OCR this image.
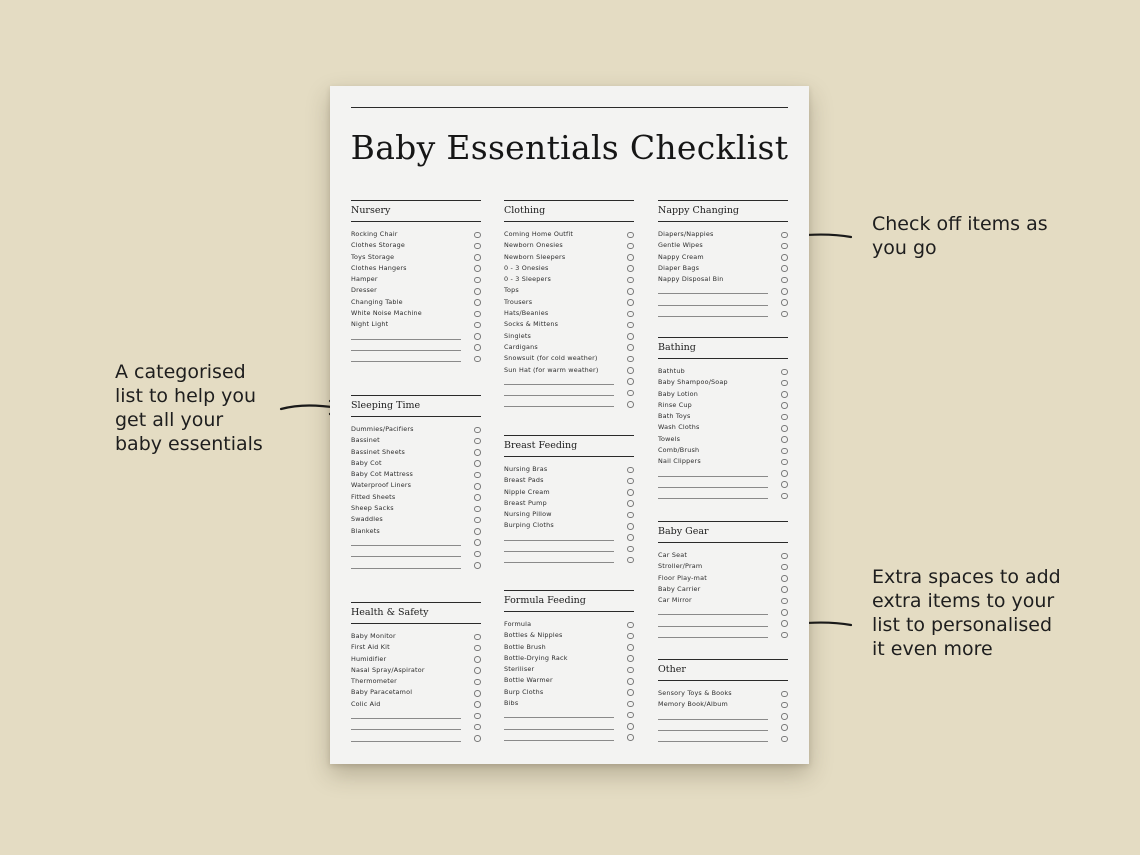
A categorised list to help you get all your baby essentials

Check off items as you go

Extra spaces to add extra items to your list to personalised it even more

Baby Essentials Checklist
Nursery
Rocking Chair
Clothes Storage
Toys Storage
Clothes Hangers
Hamper
Dresser
Changing Table
White Noise Machine
Night Light
Sleeping Time
Dummies/Pacifiers
Bassinet
Bassinet Sheets
Baby Cot
Baby Cot Mattress
Waterproof Liners
Fitted Sheets
Sheep Sacks
Swaddles
Blankets
Health & Safety
Baby Monitor
First Aid Kit
Humidifier
Nasal Spray/Aspirator
Thermometer
Baby Paracetamol
Colic Aid
Clothing
Coming Home Outfit
Newborn Onesies
Newborn Sleepers
0 - 3 Onesies
0 - 3 Sleepers
Tops
Trousers
Hats/Beanies
Socks & Mittens
Singlets
Cardigans
Snowsuit (for cold weather)
Sun Hat (for warm weather)
Breast Feeding
Nursing Bras
Breast Pads
Nipple Cream
Breast Pump
Nursing Pillow
Burping Cloths
Formula Feeding
Formula
Bottles & Nipples
Bottle Brush
Bottle-Drying Rack
Steriliser
Bottle Warmer
Burp Cloths
Bibs
Nappy Changing
Diapers/Nappies
Gentle Wipes
Nappy Cream
Diaper Bags
Nappy Disposal Bin
Bathing
Bathtub
Baby Shampoo/Soap
Baby Lotion
Rinse Cup
Bath Toys
Wash Cloths
Towels
Comb/Brush
Nail Clippers
Baby Gear
Car Seat
Stroller/Pram
Floor Play-mat
Baby Carrier
Car Mirror
Other
Sensory Toys & Books
Memory Book/Album
